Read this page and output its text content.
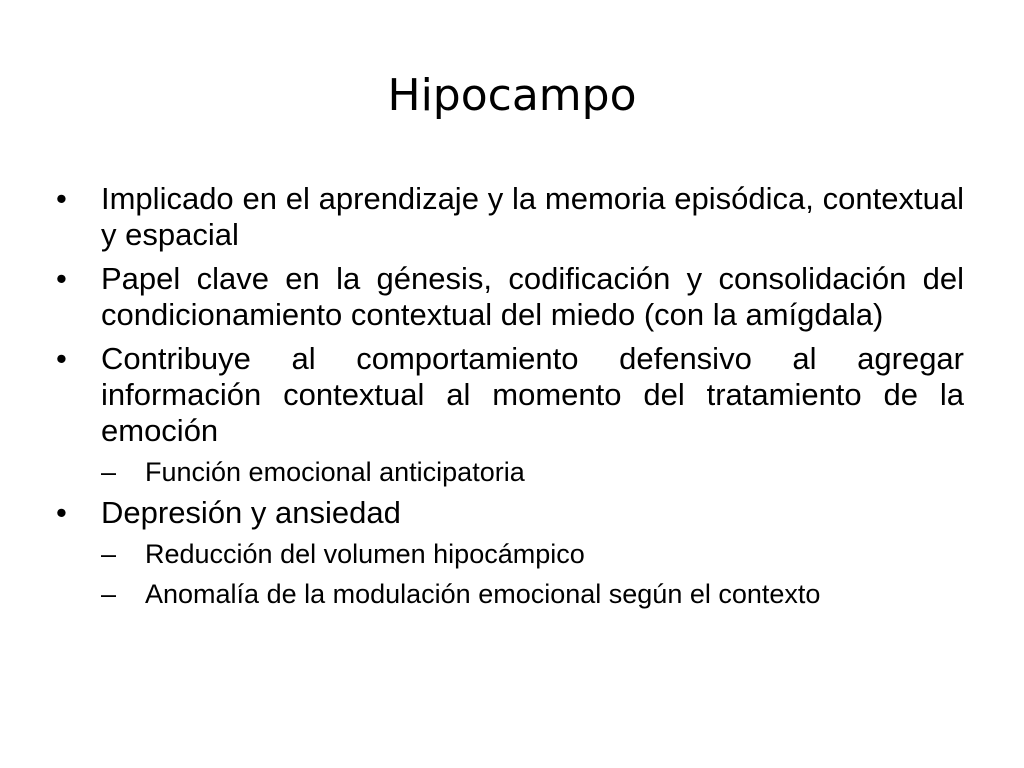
Hipocampo
• Implicado en el aprendizaje y la memoria episódica, contextual y espacial
• Papel clave en la génesis, codificación y consolidación del condicionamiento contextual del miedo (con la amígdala)
• Contribuye al comportamiento defensivo al agregar información contextual al momento del tratamiento de la emoción
– Función emocional anticipatoria
• Depresión y ansiedad
– Reducción del volumen hipocámpico
– Anomalía de la modulación emocional según el contexto
